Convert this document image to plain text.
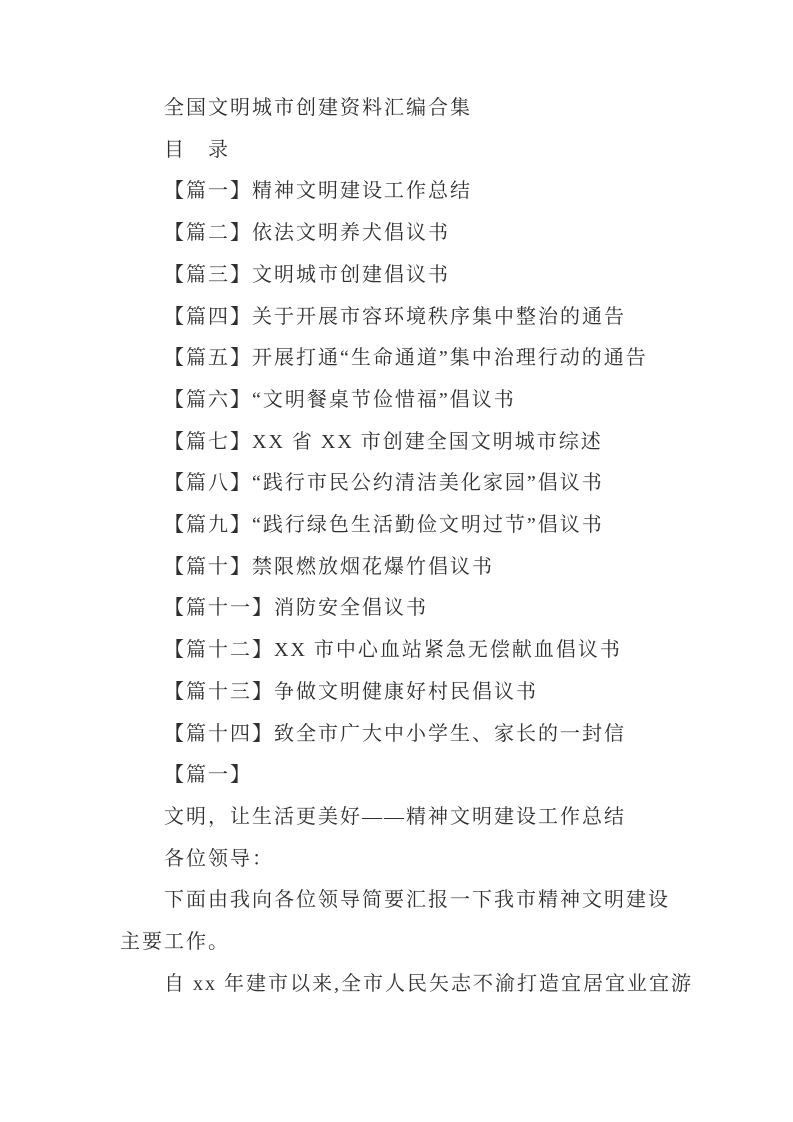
全国文明城市创建资料汇编合集

目　录

【篇一】精神文明建设工作总结

【篇二】依法文明养犬倡议书

【篇三】文明城市创建倡议书

【篇四】关于开展市容环境秩序集中整治的通告

【篇五】开展打通“生命通道”集中治理行动的通告

【篇六】“文明餐桌节俭惜福”倡议书

【篇七】XX 省 XX 市创建全国文明城市综述

【篇八】“践行市民公约清洁美化家园”倡议书

【篇九】“践行绿色生活勤俭文明过节”倡议书

【篇十】禁限燃放烟花爆竹倡议书

【篇十一】消防安全倡议书

【篇十二】XX 市中心血站紧急无偿献血倡议书

【篇十三】争做文明健康好村民倡议书

【篇十四】致全市广大中小学生、家长的一封信

【篇一】

文明，让生活更美好——精神文明建设工作总结

各位领导：

下面由我向各位领导简要汇报一下我市精神文明建设

主要工作。

自 xx 年建市以来,全市人民矢志不渝打造宜居宜业宜游
